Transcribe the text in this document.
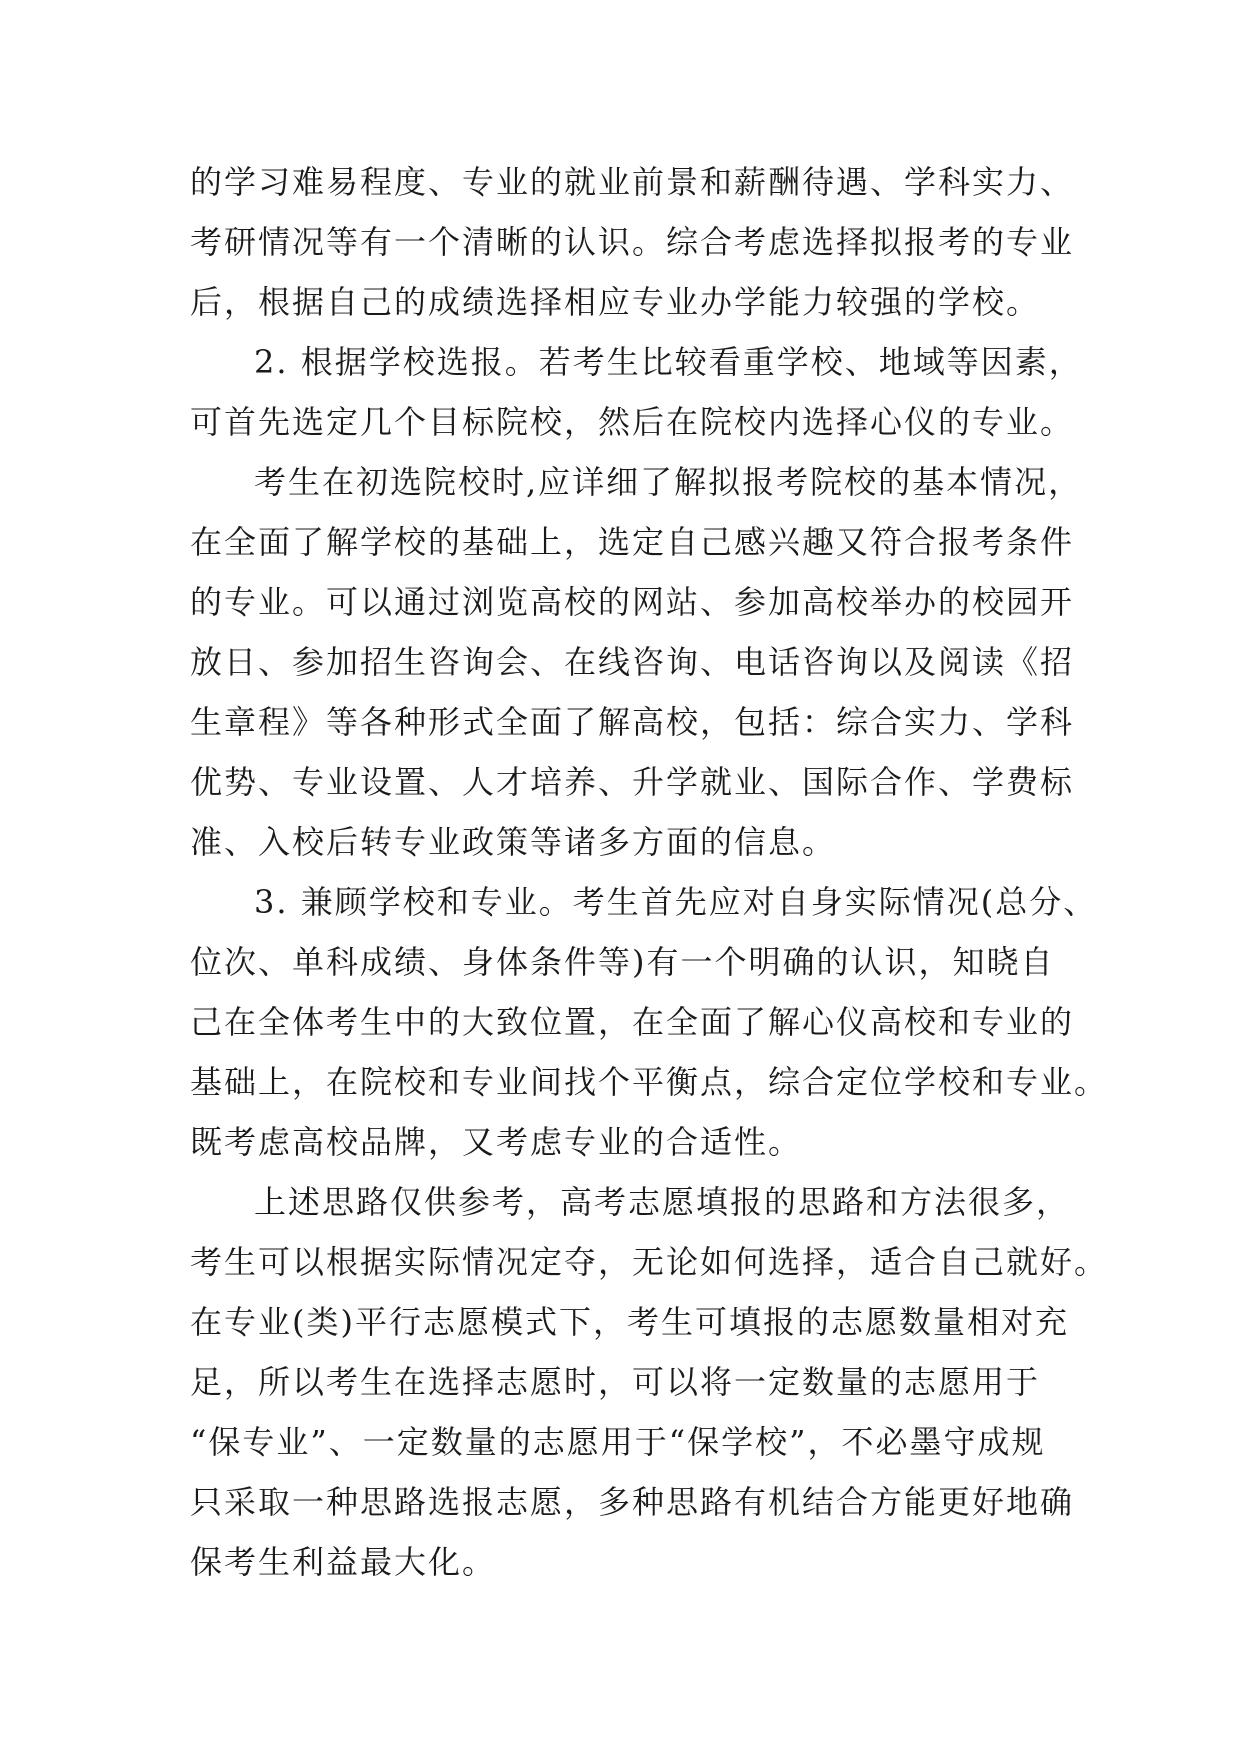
的学习难易程度、专业的就业前景和薪酬待遇、学科实力、
考研情况等有一个清晰的认识。综合考虑选择拟报考的专业
后，根据自己的成绩选择相应专业办学能力较强的学校。
2. 根据学校选报。若考生比较看重学校、地域等因素，
可首先选定几个目标院校，然后在院校内选择心仪的专业。
考生在初选院校时,应详细了解拟报考院校的基本情况，
在全面了解学校的基础上，选定自己感兴趣又符合报考条件
的专业。可以通过浏览高校的网站、参加高校举办的校园开
放日、参加招生咨询会、在线咨询、电话咨询以及阅读《招
生章程》等各种形式全面了解高校，包括：综合实力、学科
优势、专业设置、人才培养、升学就业、国际合作、学费标
准、入校后转专业政策等诸多方面的信息。
3. 兼顾学校和专业。考生首先应对自身实际情况(总分、
位次、单科成绩、身体条件等)有一个明确的认识，知晓自
己在全体考生中的大致位置，在全面了解心仪高校和专业的
基础上，在院校和专业间找个平衡点，综合定位学校和专业。
既考虑高校品牌，又考虑专业的合适性。
上述思路仅供参考，高考志愿填报的思路和方法很多，
考生可以根据实际情况定夺，无论如何选择，适合自己就好。
在专业(类)平行志愿模式下，考生可填报的志愿数量相对充
足，所以考生在选择志愿时，可以将一定数量的志愿用于
“保专业”、一定数量的志愿用于“保学校”，不必墨守成规
只采取一种思路选报志愿，多种思路有机结合方能更好地确
保考生利益最大化。
